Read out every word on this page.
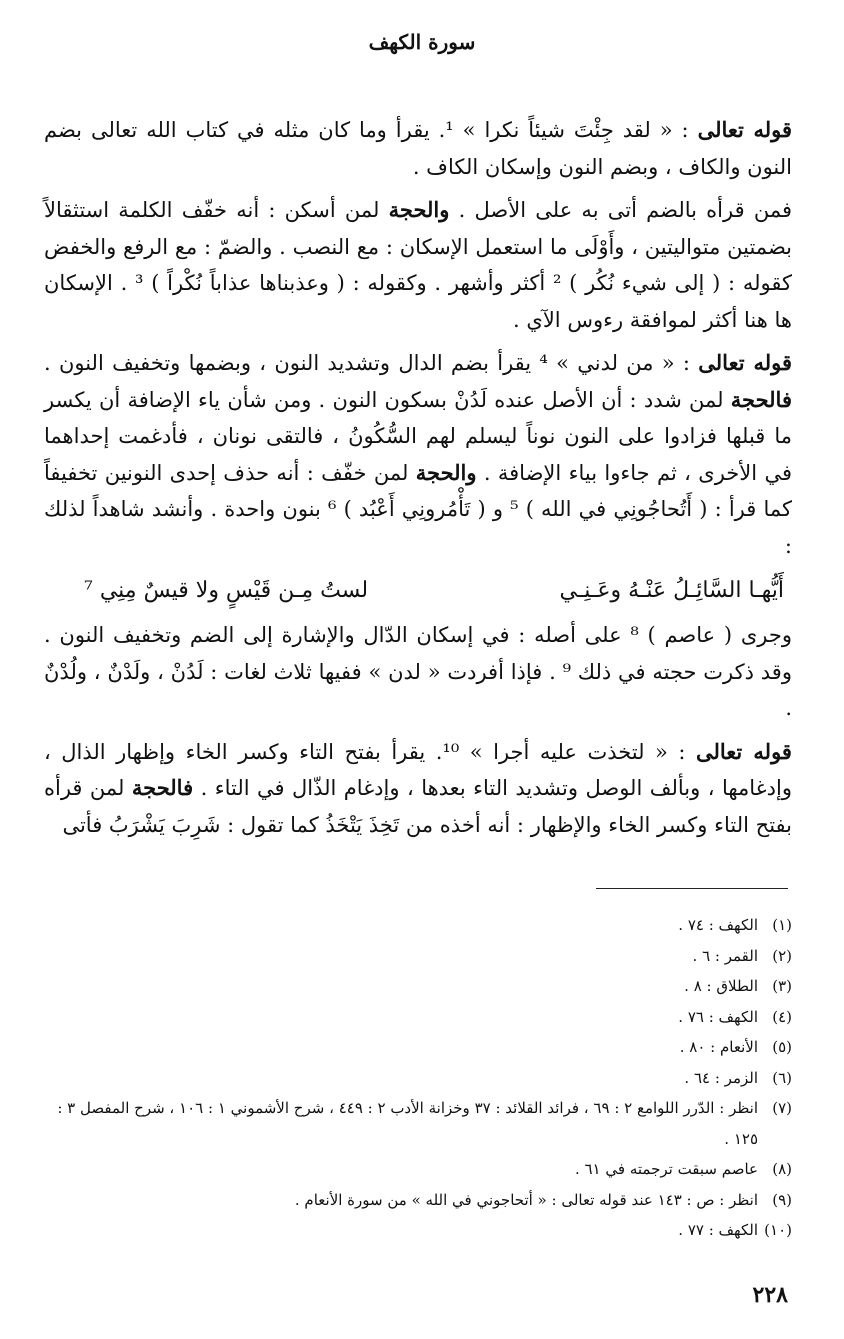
سورة الكهف

قوله تعالى : « لقد جِئْتَ شيئاً نكرا » ¹. يقرأ وما كان مثله في كتاب الله تعالى بضم النون والكاف ، وبضم النون وإسكان الكاف .

فمن قرأه بالضم أتى به على الأصل . والحجة لمن أسكن : أنه خفّف الكلمة استثقالاً بضمتين متواليتين ، وأَوْلَى ما استعمل الإسكان : مع النصب . والضمّ : مع الرفع والخفض كقوله : ( إلى شيء نُكُر ) ² أكثر وأشهر . وكقوله : ( وعذبناها عذاباً نُكْراً ) ³ . الإسكان ها هنا أكثر لموافقة رءوس الآي .

قوله تعالى : « من لدني » ⁴ يقرأ بضم الدال وتشديد النون ، وبضمها وتخفيف النون . فالحجة لمن شدد : أن الأصل عنده لَدُنْ بسكون النون . ومن شأن ياء الإضافة أن يكسر ما قبلها فزادوا على النون نوناً ليسلم لهم السُّكُونُ ، فالتقى نونان ، فأدغمت إحداهما في الأخرى ، ثم جاءوا بياء الإضافة . والحجة لمن خفّف : أنه حذف إحدى النونين تخفيفاً كما قرأ : ( أَتُحاجُونِي في الله ) ⁵ و ( تَأْمُرونِي أَعْبُد ) ⁶ بنون واحدة . وأنشد شاهداً لذلك :

أَيُّهـا السَّائِـلُ عَنْـهُ وعَـنِـي
لستُ مِـن قَيْسٍ ولا قيسٌ مِنِي ⁷

وجرى ( عاصم ) ⁸ على أصله : في إسكان الدّال والإشارة إلى الضم وتخفيف النون . وقد ذكرت حجته في ذلك ⁹ . فإذا أفردت « لدن » ففيها ثلاث لغات : لَدُنْ ، ولَدْنٌ ، ولُدْنٌ .

قوله تعالى : « لتخذت عليه أجرا » ¹⁰. يقرأ بفتح التاء وكسر الخاء وإظهار الذال ، وإدغامها ، وبألف الوصل وتشديد التاء بعدها ، وإدغام الذّال في التاء . فالحجة لمن قرأه بفتح التاء وكسر الخاء والإظهار : أنه أخذه من تَخِذَ يَتْخَذُ كما تقول : شَرِبَ يَشْرَبُ فأتى

(١)
الكهف : ٧٤ .
(٢)
القمر : ٦ .
(٣)
الطلاق : ٨ .
(٤)
الكهف : ٧٦ .
(٥)
الأنعام : ٨٠ .
(٦)
الزمر : ٦٤ .
(٧)
انظر : الدّرر اللوامع ٢ : ٦٩ ، فرائد القلائد : ٣٧ وخزانة الأدب ٢ : ٤٤٩ ، شرح الأشموني ١ : ١٠٦ ، شرح المفصل ٣ : ١٢٥ .
(٨)
عاصم سبقت ترجمته في ٦١ .
(٩)
انظر : ص : ١٤٣ عند قوله تعالى : « أتحاجوني في الله » من سورة الأنعام .
(١٠)
الكهف : ٧٧ .
٢٢٨
